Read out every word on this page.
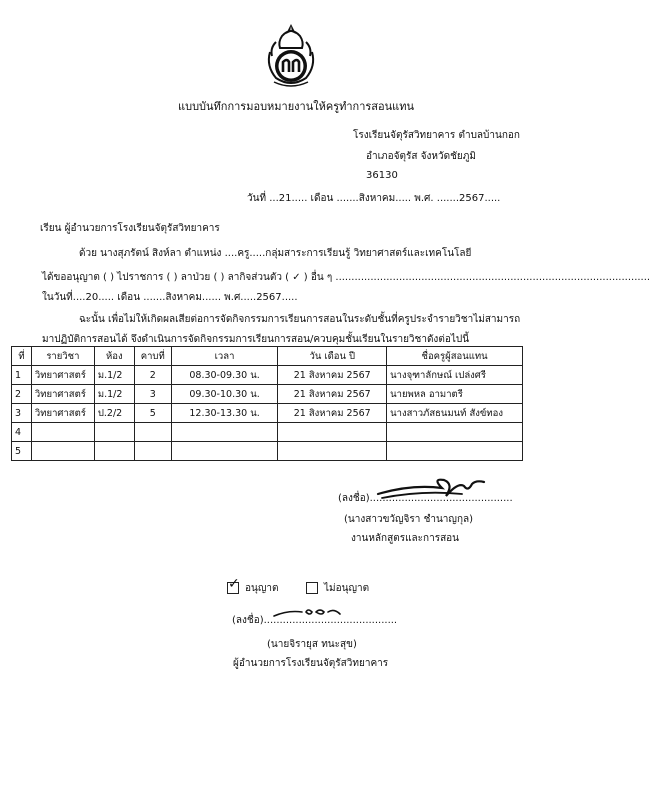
แบบบันทึกการมอบหมายงานให้ครูทำการสอนแทน
โรงเรียนจัตุรัสวิทยาคาร ตำบลบ้านกอก
อำเภอจัตุรัส จังหวัดชัยภูมิ
36130
วันที่ ...21..... เดือน .......สิงหาคม..... พ.ศ. .......2567.....
เรียน ผู้อำนวยการโรงเรียนจัตุรัสวิทยาคาร
ด้วย นางสุภรัตน์ สิงห์ลา ตำแหน่ง ....ครู.....กลุ่มสาระการเรียนรู้ วิทยาศาสตร์และเทคโนโลยี
ได้ขออนุญาต ( ) ไปราชการ ( ) ลาป่วย ( ) ลากิจส่วนตัว ( ✓ ) อื่น ๆ ...................................................................................................
ในวันที่....20..... เดือน .......สิงหาคม...... พ.ศ.....2567.....
ฉะนั้น เพื่อไม่ให้เกิดผลเสียต่อการจัดกิจกรรมการเรียนการสอนในระดับชั้นที่ครูประจำรายวิชาไม่สามารถ
มาปฏิบัติการสอนได้ จึงดำเนินการจัดกิจกรรมการเรียนการสอน/ควบคุมชั้นเรียนในรายวิชาดังต่อไปนี้
ที่	รายวิชา	ห้อง	คาบที่	เวลา	วัน เดือน ปี	ชื่อครูผู้สอนแทน
1	วิทยาศาสตร์	ม.1/2	2	08.30-09.30 น.	21 สิงหาคม 2567	นางจุฑาลักษณ์ เปล่งศรี
2	วิทยาศาสตร์	ม.1/2	3	09.30-10.30 น.	21 สิงหาคม 2567	นายพหล อามาตรี
3	วิทยาศาสตร์	ป.2/2	5	12.30-13.30 น.	21 สิงหาคม 2567	นางสาวภัสธนมนท์ สังข์ทอง
4						
5						
(ลงชื่อ).............................................
(นางสาวขวัญจิรา ชำนาญกุล)
งานหลักสูตรและการสอน
✓ อนุญาต	ไม่อนุญาต
(ลงชื่อ)..........................................
(นายจิรายุส ทนะสุข)
ผู้อำนวยการโรงเรียนจัตุรัสวิทยาคาร
